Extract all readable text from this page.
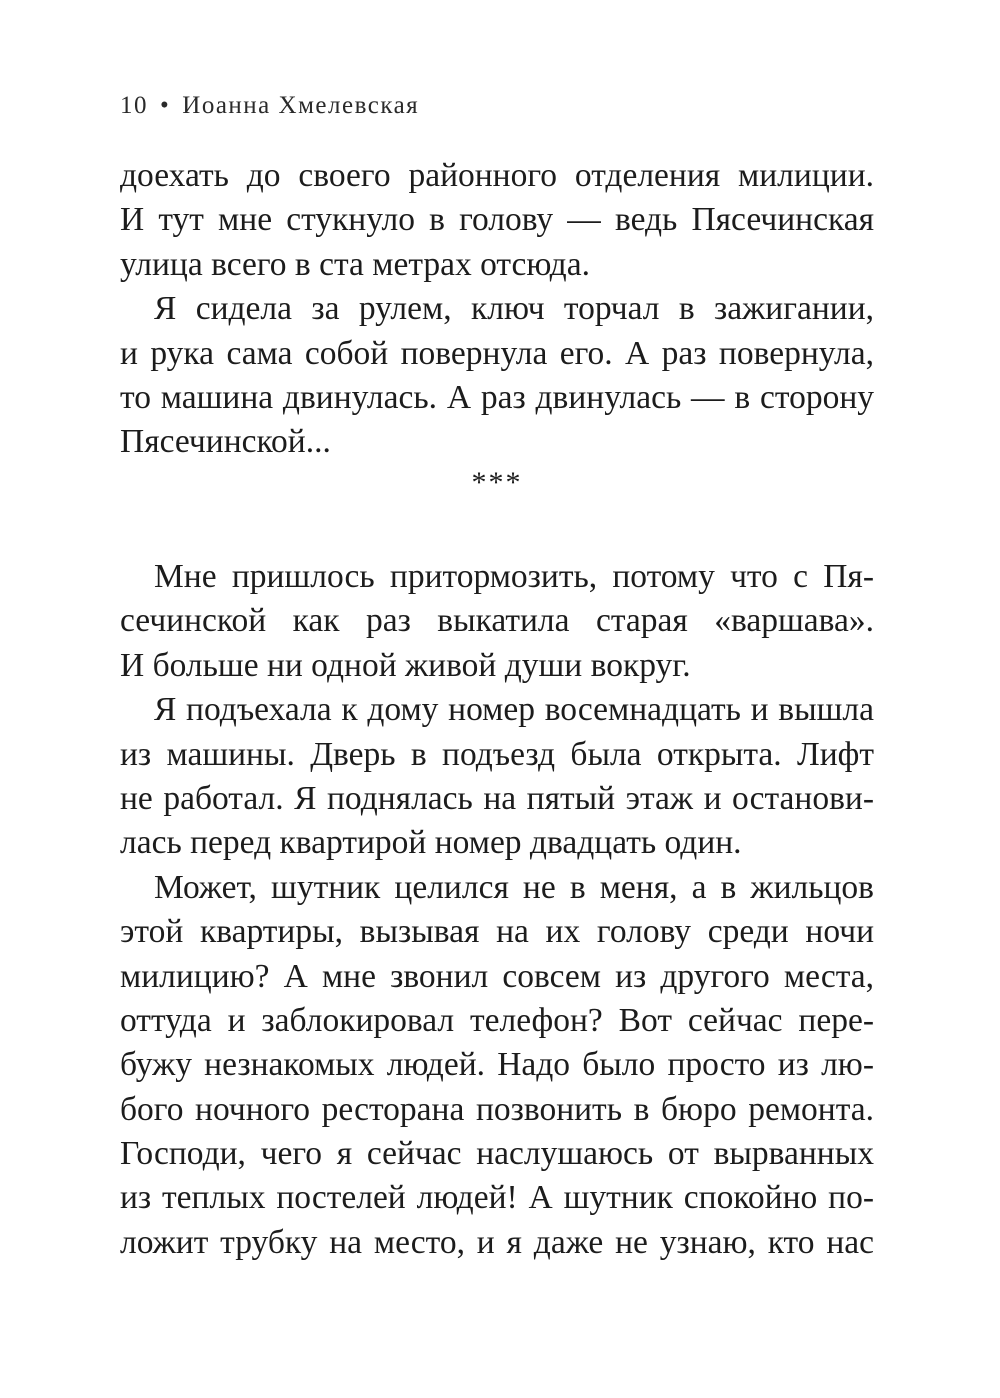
10 • Иоанна Хмелевская
доехать до своего районного отделения милиции.
И тут мне стукнуло в голову — ведь Пясечинская
улица всего в ста метрах отсюда.
Я сидела за рулем, ключ торчал в зажигании,
и рука сама собой повернула его. А раз повернула,
то машина двинулась. А раз двинулась — в сторону
Пясечинской...
***
Мне пришлось притормозить, потому что с Пя-
сечинской как раз выкатила старая «варшава».
И больше ни одной живой души вокруг.
Я подъехала к дому номер восемнадцать и вышла
из машины. Дверь в подъезд была открыта. Лифт
не работал. Я поднялась на пятый этаж и останови-
лась перед квартирой номер двадцать один.
Может, шутник целился не в меня, а в жильцов
этой квартиры, вызывая на их голову среди ночи
милицию? А мне звонил совсем из другого места,
оттуда и заблокировал телефон? Вот сейчас пере-
бужу незнакомых людей. Надо было просто из лю-
бого ночного ресторана позвонить в бюро ремонта.
Господи, чего я сейчас наслушаюсь от вырванных
из теплых постелей людей! А шутник спокойно по-
ложит трубку на место, и я даже не узнаю, кто нас
